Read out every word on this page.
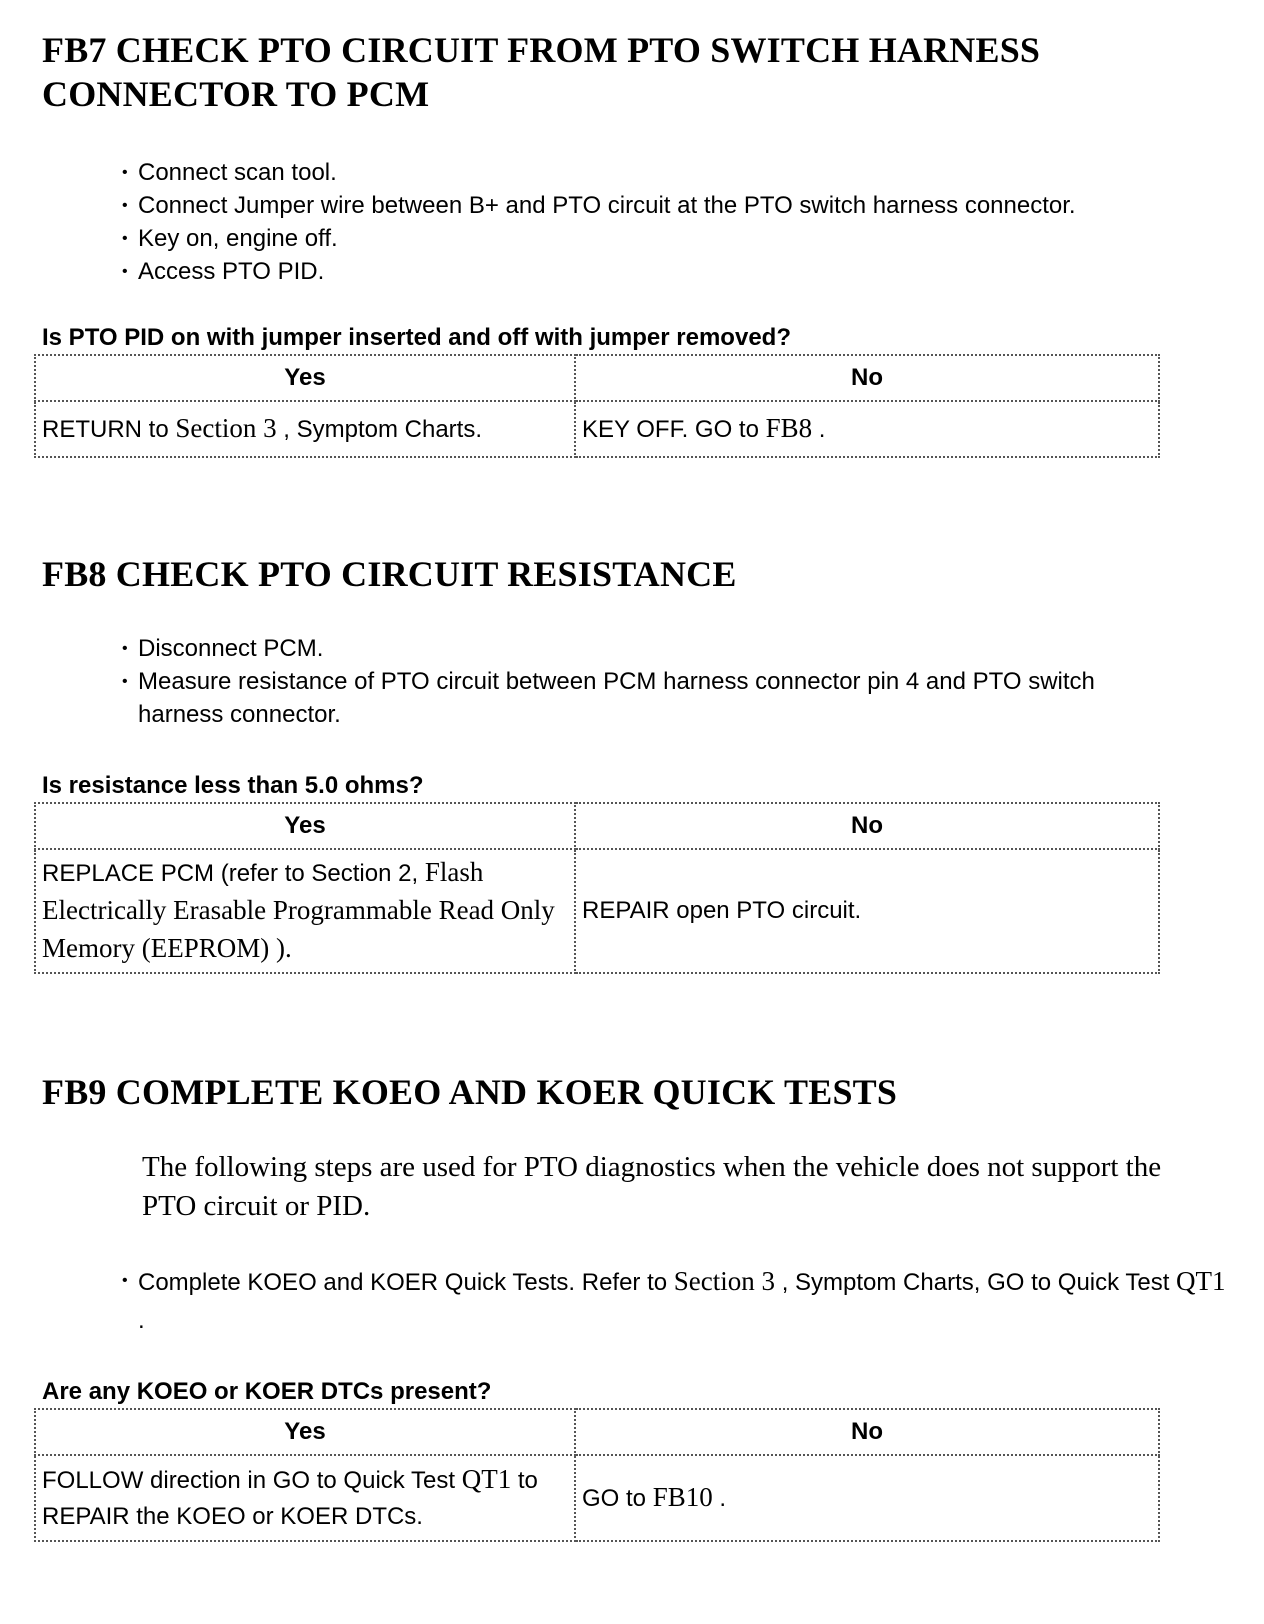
FB7 CHECK PTO CIRCUIT FROM PTO SWITCH HARNESS
CONNECTOR TO PCM
• Connect scan tool.
• Connect Jumper wire between B+ and PTO circuit at the PTO switch harness connector.
• Key on, engine off.
• Access PTO PID.

Is PTO PID on with jumper inserted and off with jumper removed?

Yes	No
RETURN to Section 3 , Symptom Charts.	KEY OFF. GO to FB8 .
FB8 CHECK PTO CIRCUIT RESISTANCE
• Disconnect PCM.
• Measure resistance of PTO circuit between PCM harness connector pin 4 and PTO switch harness connector.

Is resistance less than 5.0 ohms?

Yes	No
REPLACE PCM (refer to Section 2, Flash Electrically Erasable Programmable Read Only Memory (EEPROM) ).	REPAIR open PTO circuit.
FB9 COMPLETE KOEO AND KOER QUICK TESTS

The following steps are used for PTO diagnostics when the vehicle does not support the PTO circuit or PID.

• Complete KOEO and KOER Quick Tests. Refer to Section 3 , Symptom Charts, GO to Quick Test QT1 .

Are any KOEO or KOER DTCs present?

Yes	No
FOLLOW direction in GO to Quick Test QT1 to REPAIR the KOEO or KOER DTCs.	GO to FB10 .
